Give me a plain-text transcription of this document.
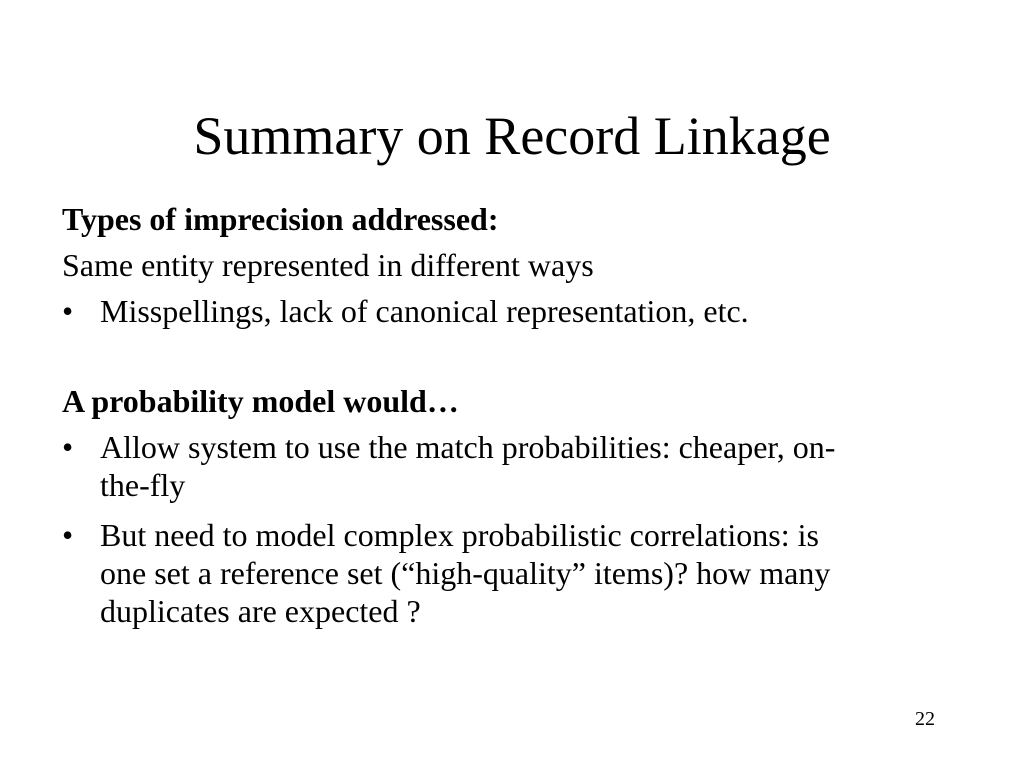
Summary on Record Linkage

Types of imprecision addressed:

Same entity represented in different ways

• Misspellings, lack of canonical representation, etc.

A probability model would…

• Allow system to use the match probabilities: cheaper, on-the-fly
• But need to model complex probabilistic correlations: is one set a reference set (“high-quality” items)? how many duplicates are expected ?
22
